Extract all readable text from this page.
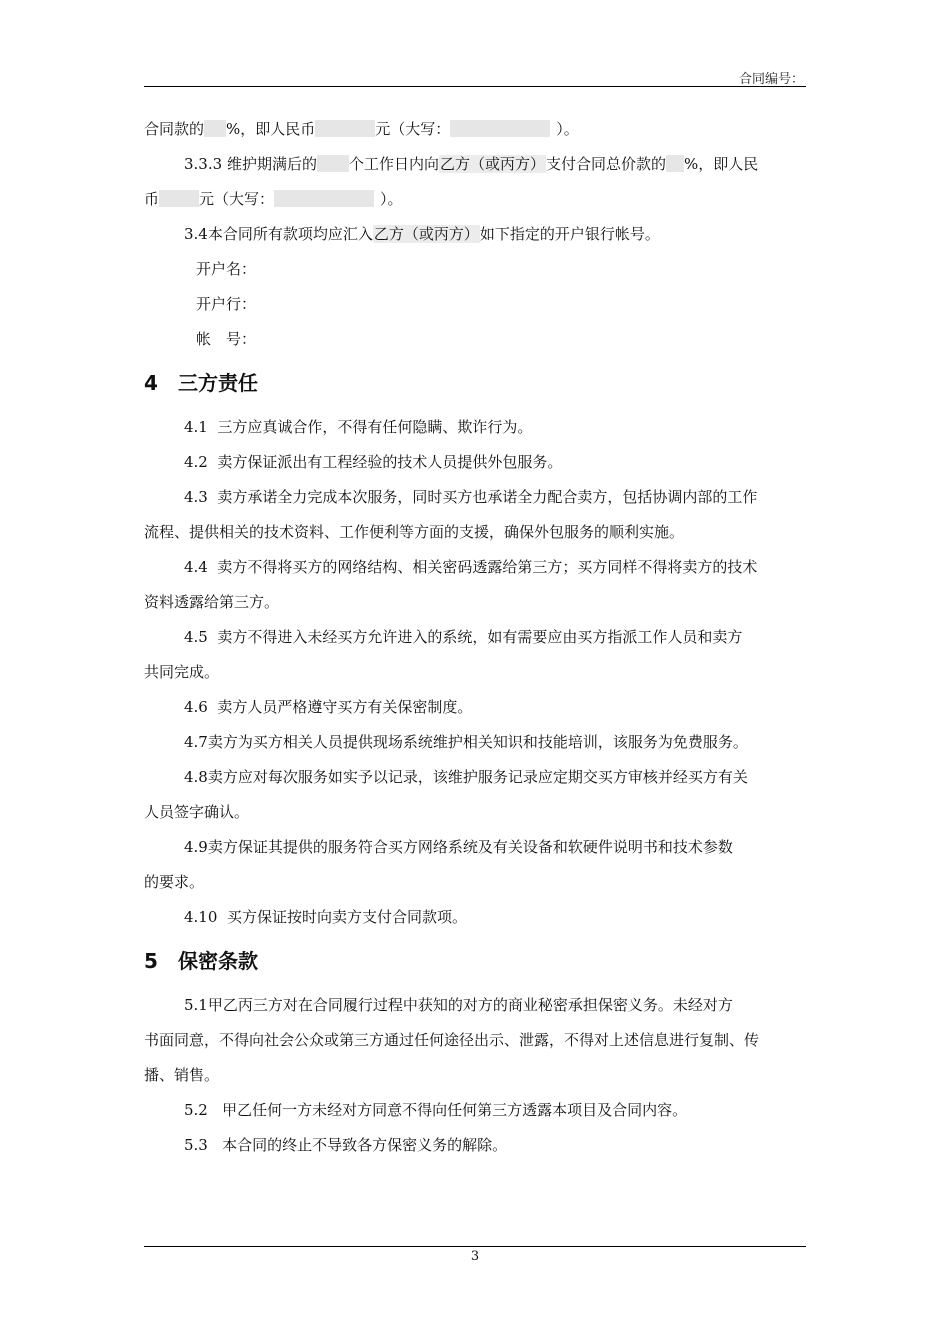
合同编号：
合同款的 %，即人民币	元（大写：	）。
3.3.3 维护期满后的 个工作日内向乙方（或丙方）支付合同总价款的 %，即人民
币	元（大写：	）。
3.4本合同所有款项均应汇入乙方（或丙方）如下指定的开户银行帐号。
开户名：
开户行：
帐　号：
4 三方责任
4.1 三方应真诚合作，不得有任何隐瞒、欺诈行为。
4.2 卖方保证派出有工程经验的技术人员提供外包服务。
4.3 卖方承诺全力完成本次服务，同时买方也承诺全力配合卖方，包括协调内部的工作
流程、提供相关的技术资料、工作便利等方面的支援，确保外包服务的顺利实施。
4.4 卖方不得将买方的网络结构、相关密码透露给第三方；买方同样不得将卖方的技术
资料透露给第三方。
4.5 卖方不得进入未经买方允许进入的系统，如有需要应由买方指派工作人员和卖方
共同完成。
4.6 卖方人员严格遵守买方有关保密制度。
4.7卖方为买方相关人员提供现场系统维护相关知识和技能培训，该服务为免费服务。
4.8卖方应对每次服务如实予以记录，该维护服务记录应定期交买方审核并经买方有关
人员签字确认。
4.9卖方保证其提供的服务符合买方网络系统及有关设备和软硬件说明书和技术参数
的要求。
4.10 买方保证按时向卖方支付合同款项。
5 保密条款
5.1甲乙丙三方对在合同履行过程中获知的对方的商业秘密承担保密义务。未经对方
书面同意，不得向社会公众或第三方通过任何途径出示、泄露，不得对上述信息进行复制、传
播、销售。
5.2 甲乙任何一方未经对方同意不得向任何第三方透露本项目及合同内容。
5.3 本合同的终止不导致各方保密义务的解除。
3
